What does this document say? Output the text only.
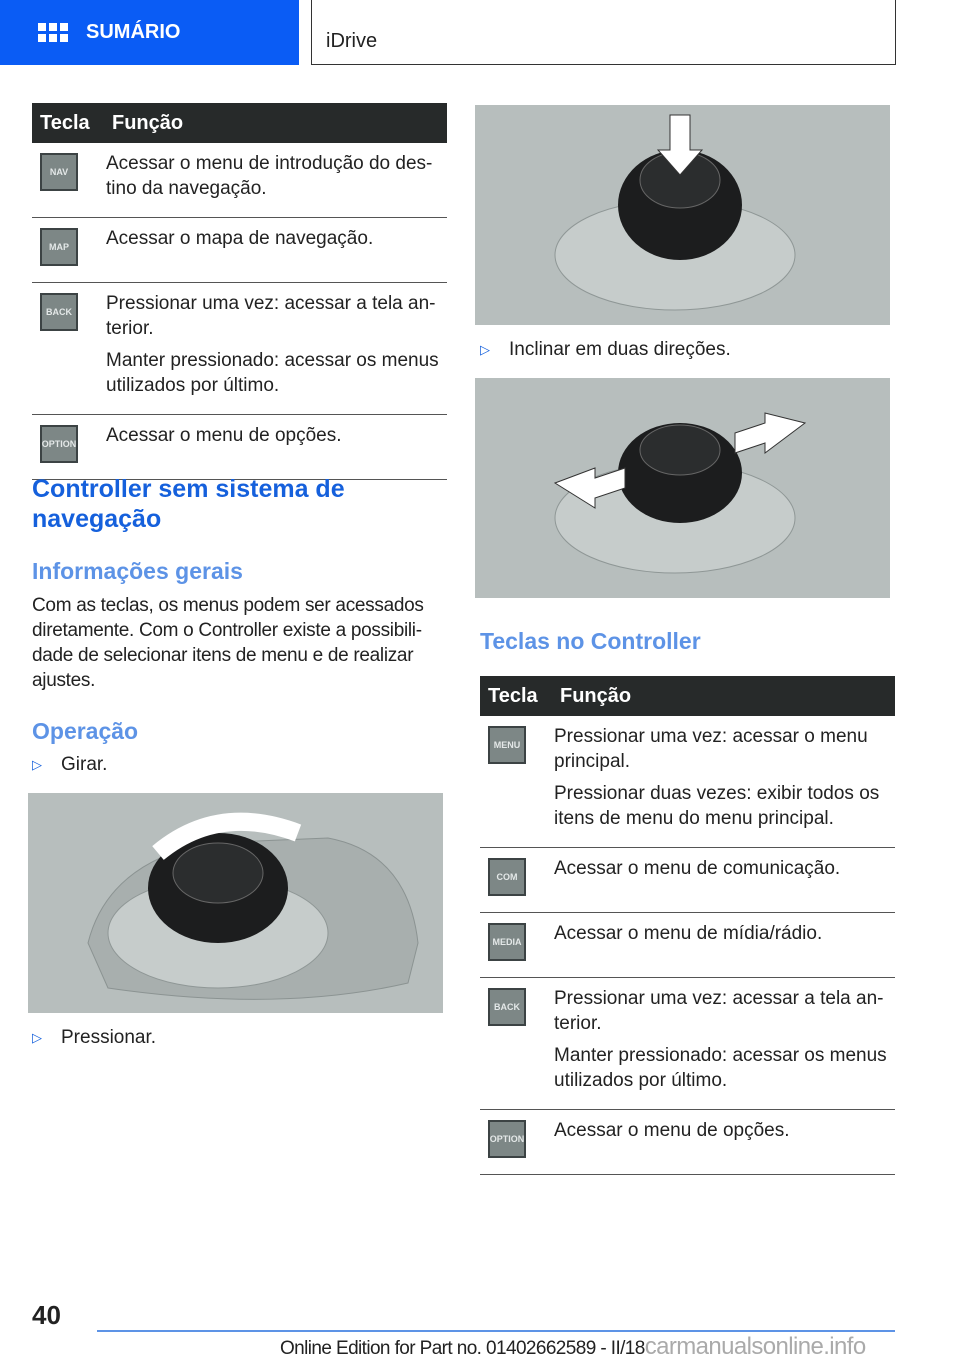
SUMÁRIO	iDrive
Tecla	Função

NAV	Acessar o menu de introdução do destino da navegação.

MAP	Acessar o mapa de navegação.

BACK	Pressionar uma vez: acessar a tela anterior.

Manter pressionado: acessar os menus utilizados por último.

OPTION	Acessar o menu de opções.

Controller sem sistema de navegação
Informações gerais

Com as teclas, os menus podem ser acessados diretamente. Com o Controller existe a possibilidade de selecionar itens de menu e de realizar ajustes.

Operação
▷	Girar.
▷	Pressionar.
▷	Inclinar em duas direções.
Teclas no Controller
Tecla	Função

MENU	Pressionar uma vez: acessar o menu principal.

Pressionar duas vezes: exibir todos os itens de menu do menu principal.

COM	Acessar o menu de comunicação.

MEDIA	Acessar o menu de mídia/rádio.

BACK	Pressionar uma vez: acessar a tela anterior.

Manter pressionado: acessar os menus utilizados por último.

OPTION	Acessar o menu de opções.

40
Online Edition for Part no. 01402662589 - II/18carmanualsonline.info
